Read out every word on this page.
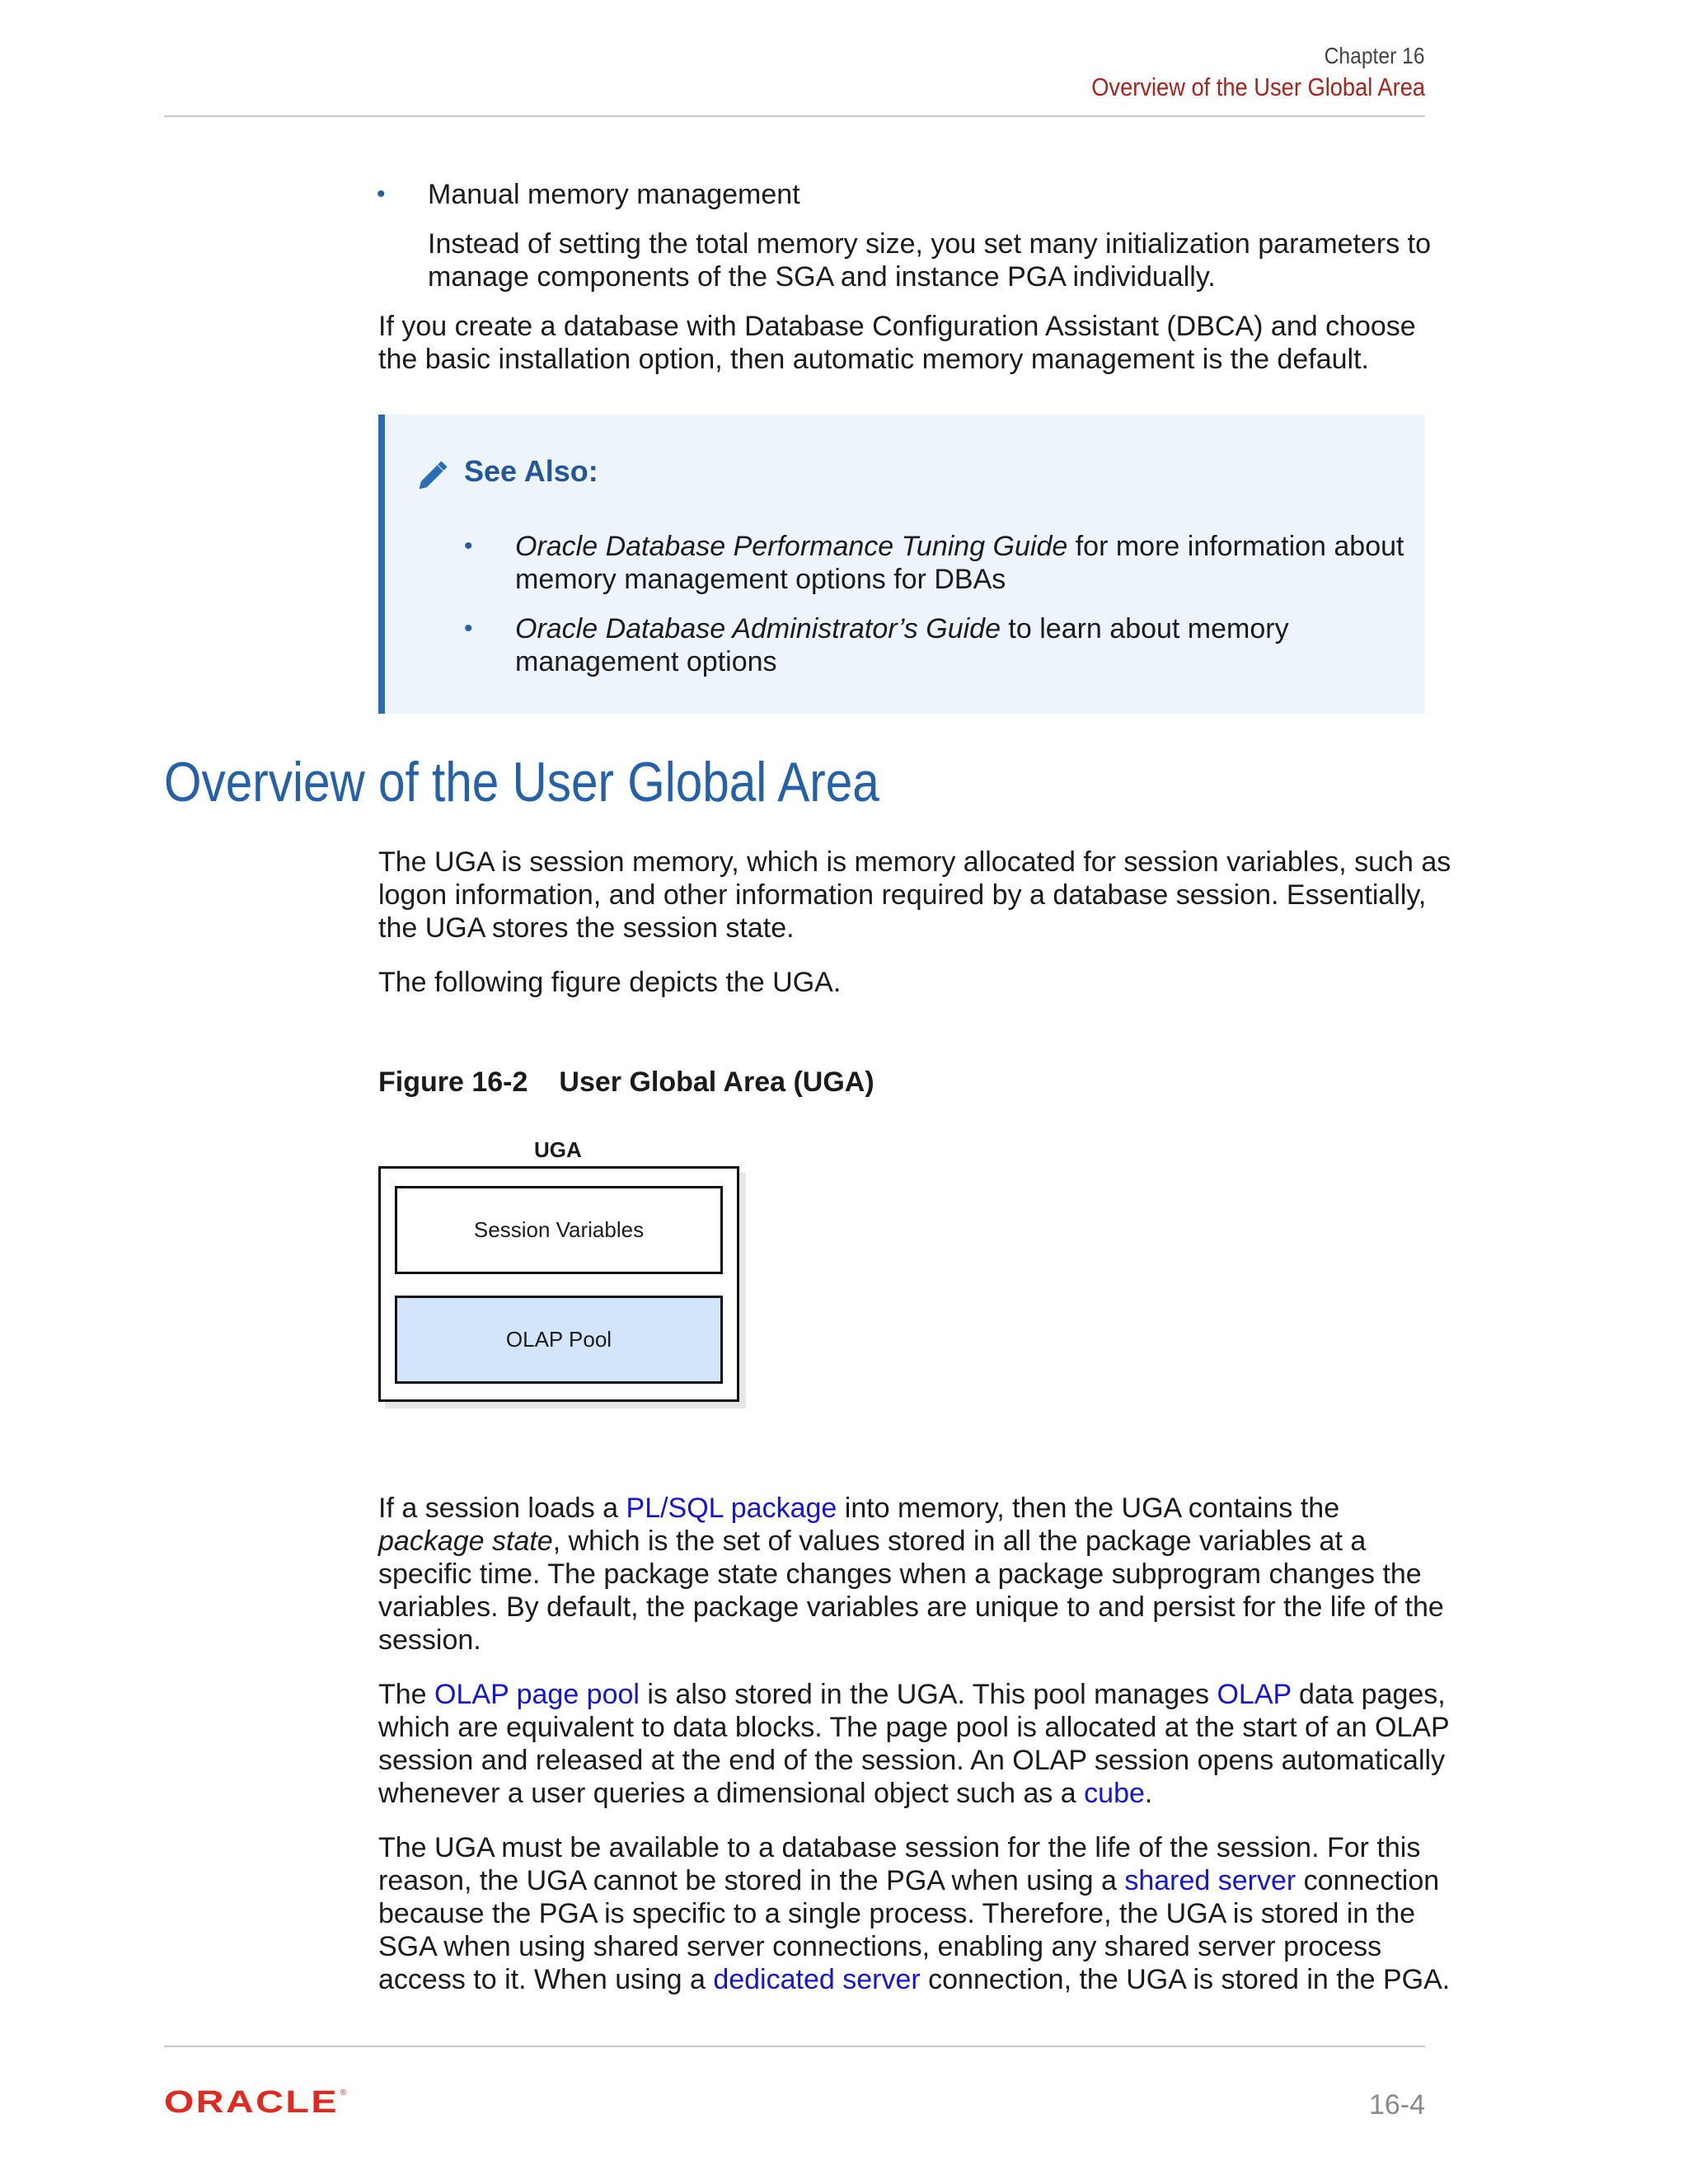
Chapter 16
Overview of the User Global Area
• Manual memory management
Instead of setting the total memory size, you set many initialization parameters to
manage components of the SGA and instance PGA individually.
If you create a database with Database Configuration Assistant (DBCA) and choose
the basic installation option, then automatic memory management is the default.
See Also:
• Oracle Database Performance Tuning Guide for more information about
memory management options for DBAs
• Oracle Database Administrator’s Guide to learn about memory
management options
Overview of the User Global Area
The UGA is session memory, which is memory allocated for session variables, such as
logon information, and other information required by a database session. Essentially,
the UGA stores the session state.
The following figure depicts the UGA.
Figure 16-2 User Global Area (UGA)
UGA
Session Variables
OLAP Pool
If a session loads a PL/SQL package into memory, then the UGA contains the
package state, which is the set of values stored in all the package variables at a
specific time. The package state changes when a package subprogram changes the
variables. By default, the package variables are unique to and persist for the life of the
session.
The OLAP page pool is also stored in the UGA. This pool manages OLAP data pages,
which are equivalent to data blocks. The page pool is allocated at the start of an OLAP
session and released at the end of the session. An OLAP session opens automatically
whenever a user queries a dimensional object such as a cube.
The UGA must be available to a database session for the life of the session. For this
reason, the UGA cannot be stored in the PGA when using a shared server connection
because the PGA is specific to a single process. Therefore, the UGA is stored in the
SGA when using shared server connections, enabling any shared server process
access to it. When using a dedicated server connection, the UGA is stored in the PGA.
ORACLE ®	16-4
